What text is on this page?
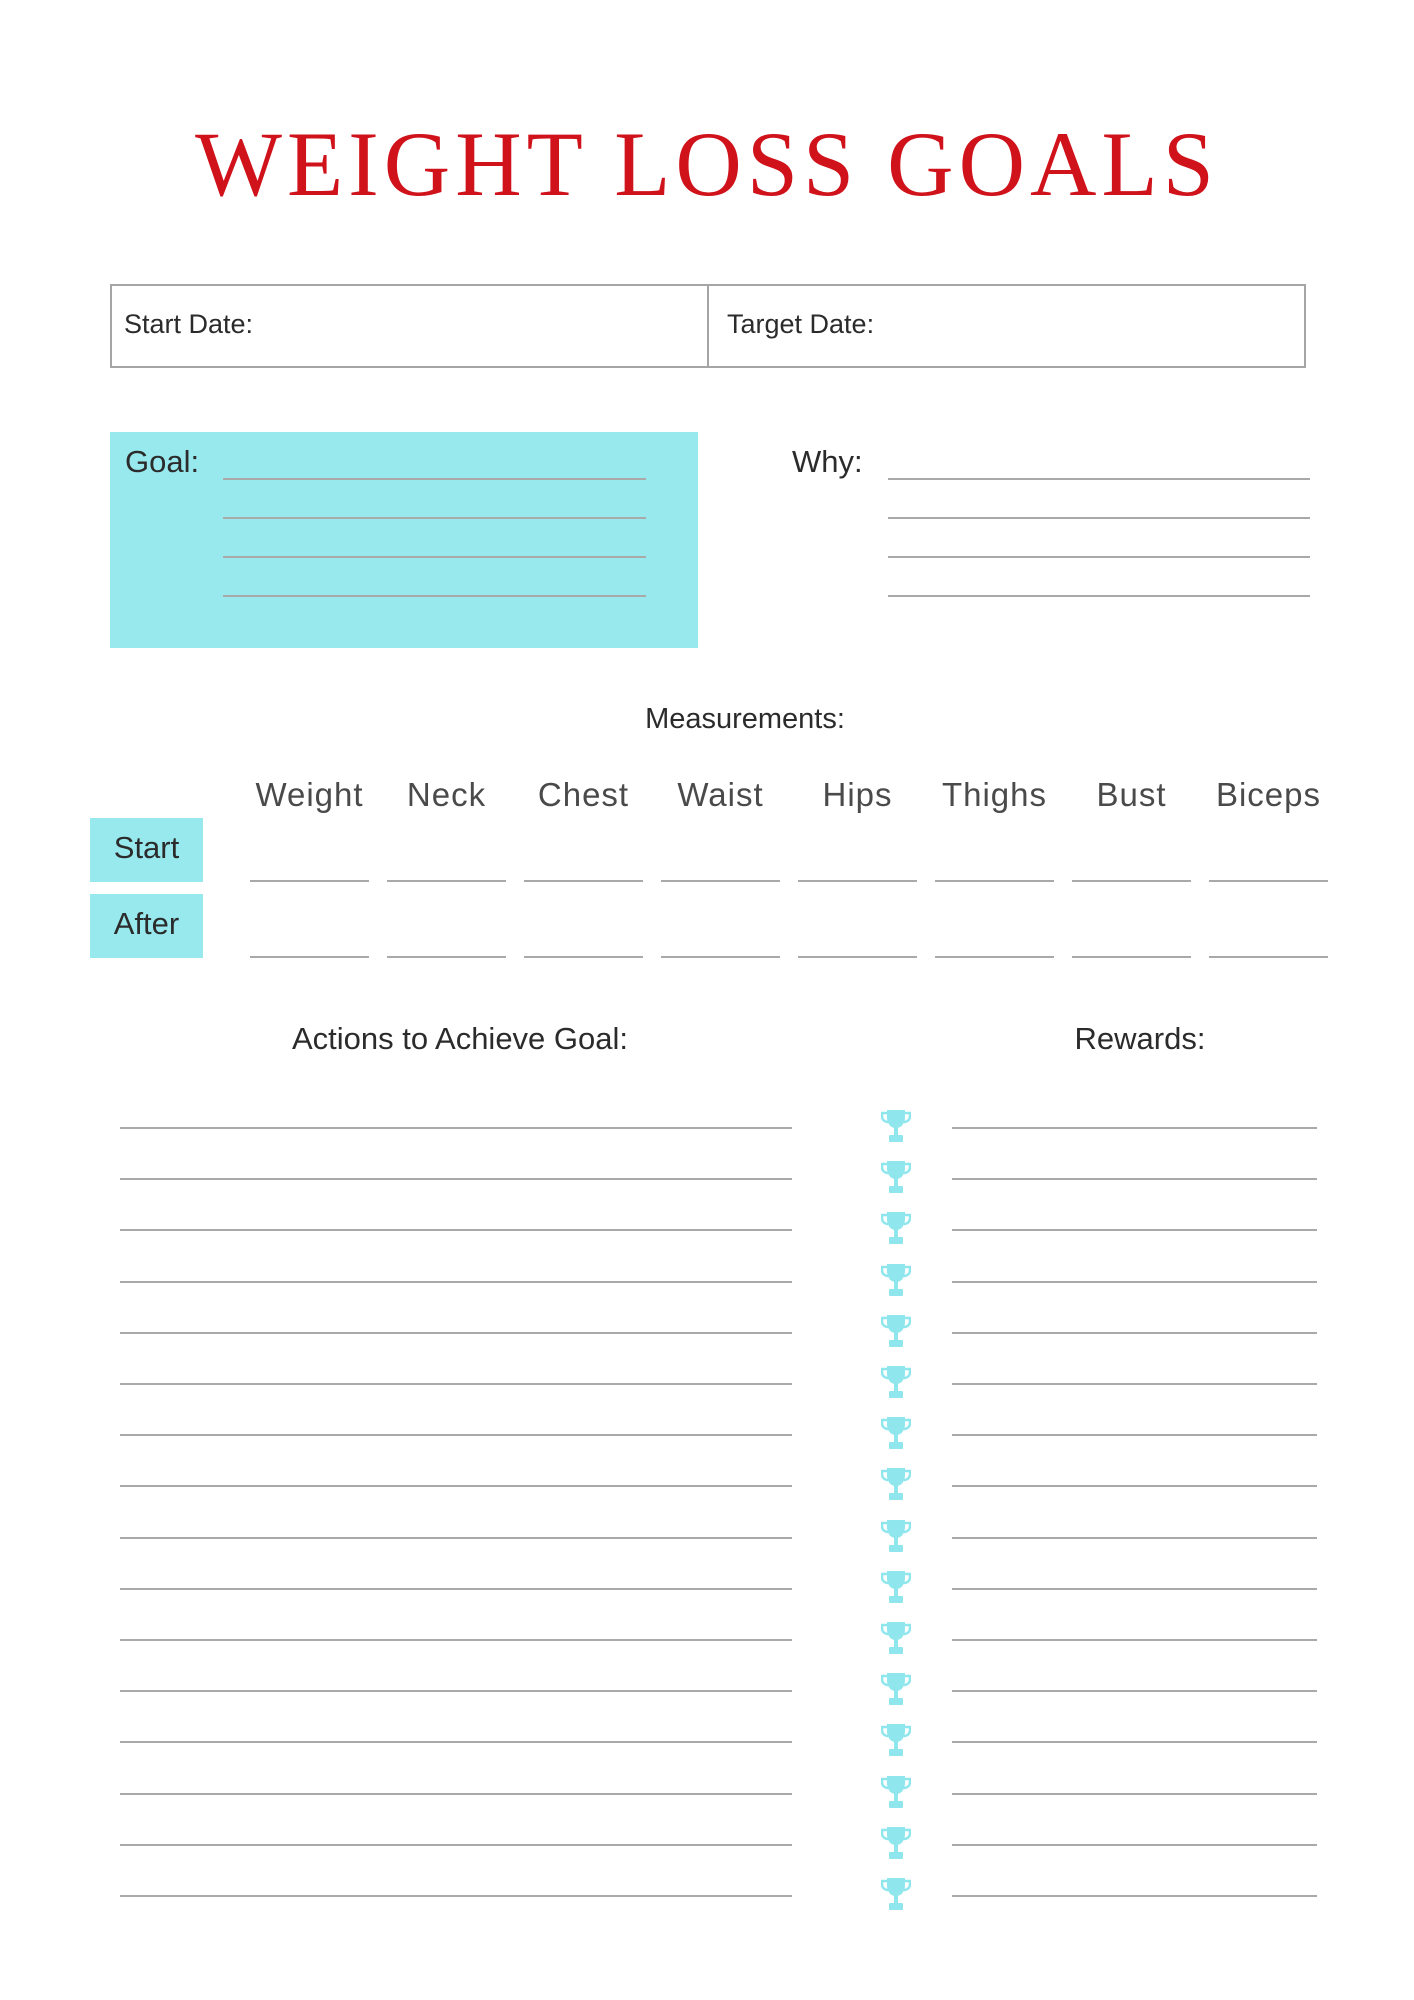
WEIGHT LOSS GOALS
Start Date:	Target Date:
Goal:	Why:
Measurements:
Weight	Neck	Chest	Waist	Hips	Thighs	Bust	Biceps
Start
After
Actions to Achieve Goal:	Rewards:
